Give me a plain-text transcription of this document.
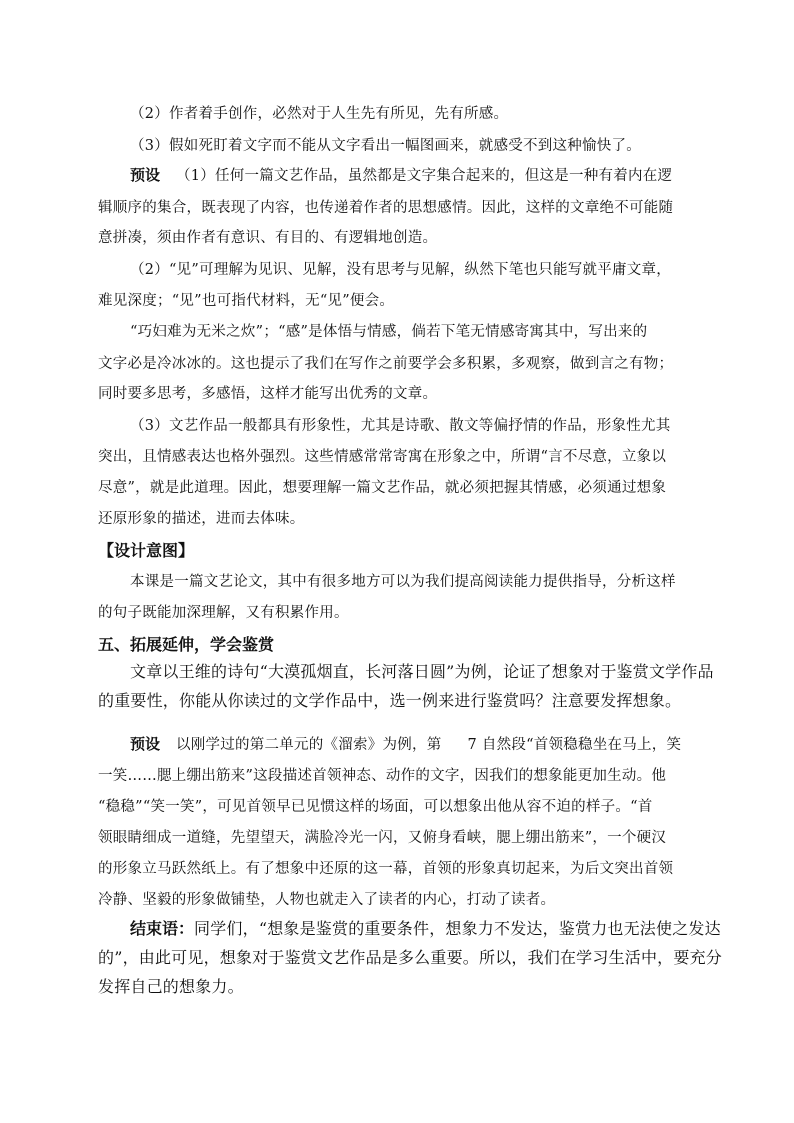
（2）作者着手创作，必然对于人生先有所见，先有所感。
（3）假如死盯着文字而不能从文字看出一幅图画来，就感受不到这种愉快了。
预设 （1）任何一篇文艺作品，虽然都是文字集合起来的，但这是一种有着内在逻
辑顺序的集合，既表现了内容，也传递着作者的思想感情。因此，这样的文章绝不可能随
意拼凑，须由作者有意识、有目的、有逻辑地创造。
（2）“见”可理解为见识、见解，没有思考与见解，纵然下笔也只能写就平庸文章，
难见深度；“见”也可指代材料，无“见”便会。
“巧妇难为无米之炊”；“感”是体悟与情感，倘若下笔无情感寄寓其中，写出来的
文字必是冷冰冰的。这也提示了我们在写作之前要学会多积累，多观察，做到言之有物；
同时要多思考，多感悟，这样才能写出优秀的文章。
（3）文艺作品一般都具有形象性，尤其是诗歌、散文等偏抒情的作品，形象性尤其
突出，且情感表达也格外强烈。这些情感常常寄寓在形象之中，所谓“言不尽意，立象以
尽意”，就是此道理。因此，想要理解一篇文艺作品，就必须把握其情感，必须通过想象
还原形象的描述，进而去体味。
【设计意图】
本课是一篇文艺论文，其中有很多地方可以为我们提高阅读能力提供指导，分析这样
的句子既能加深理解，又有积累作用。
五、拓展延伸，学会鉴赏
文章以王维的诗句“大漠孤烟直，长河落日圆”为例，论证了想象对于鉴赏文学作品
的重要性，你能从你读过的文学作品中，选一例来进行鉴赏吗？注意要发挥想象。
预设 以刚学过的第二单元的《溜索》为例，第 7 自然段“首领稳稳坐在马上，笑
一笑……腮上绷出筋来”这段描述首领神态、动作的文字，因我们的想象能更加生动。他
“稳稳”“笑一笑”，可见首领早已见惯这样的场面，可以想象出他从容不迫的样子。“首
领眼睛细成一道缝，先望望天，满脸冷光一闪，又俯身看峡，腮上绷出筋来”，一个硬汉
的形象立马跃然纸上。有了想象中还原的这一幕，首领的形象真切起来，为后文突出首领
冷静、坚毅的形象做铺垫，人物也就走入了读者的内心，打动了读者。
结束语：同学们，“想象是鉴赏的重要条件，想象力不发达，鉴赏力也无法使之发达
的”，由此可见，想象对于鉴赏文艺作品是多么重要。所以，我们在学习生活中，要充分
发挥自己的想象力。
